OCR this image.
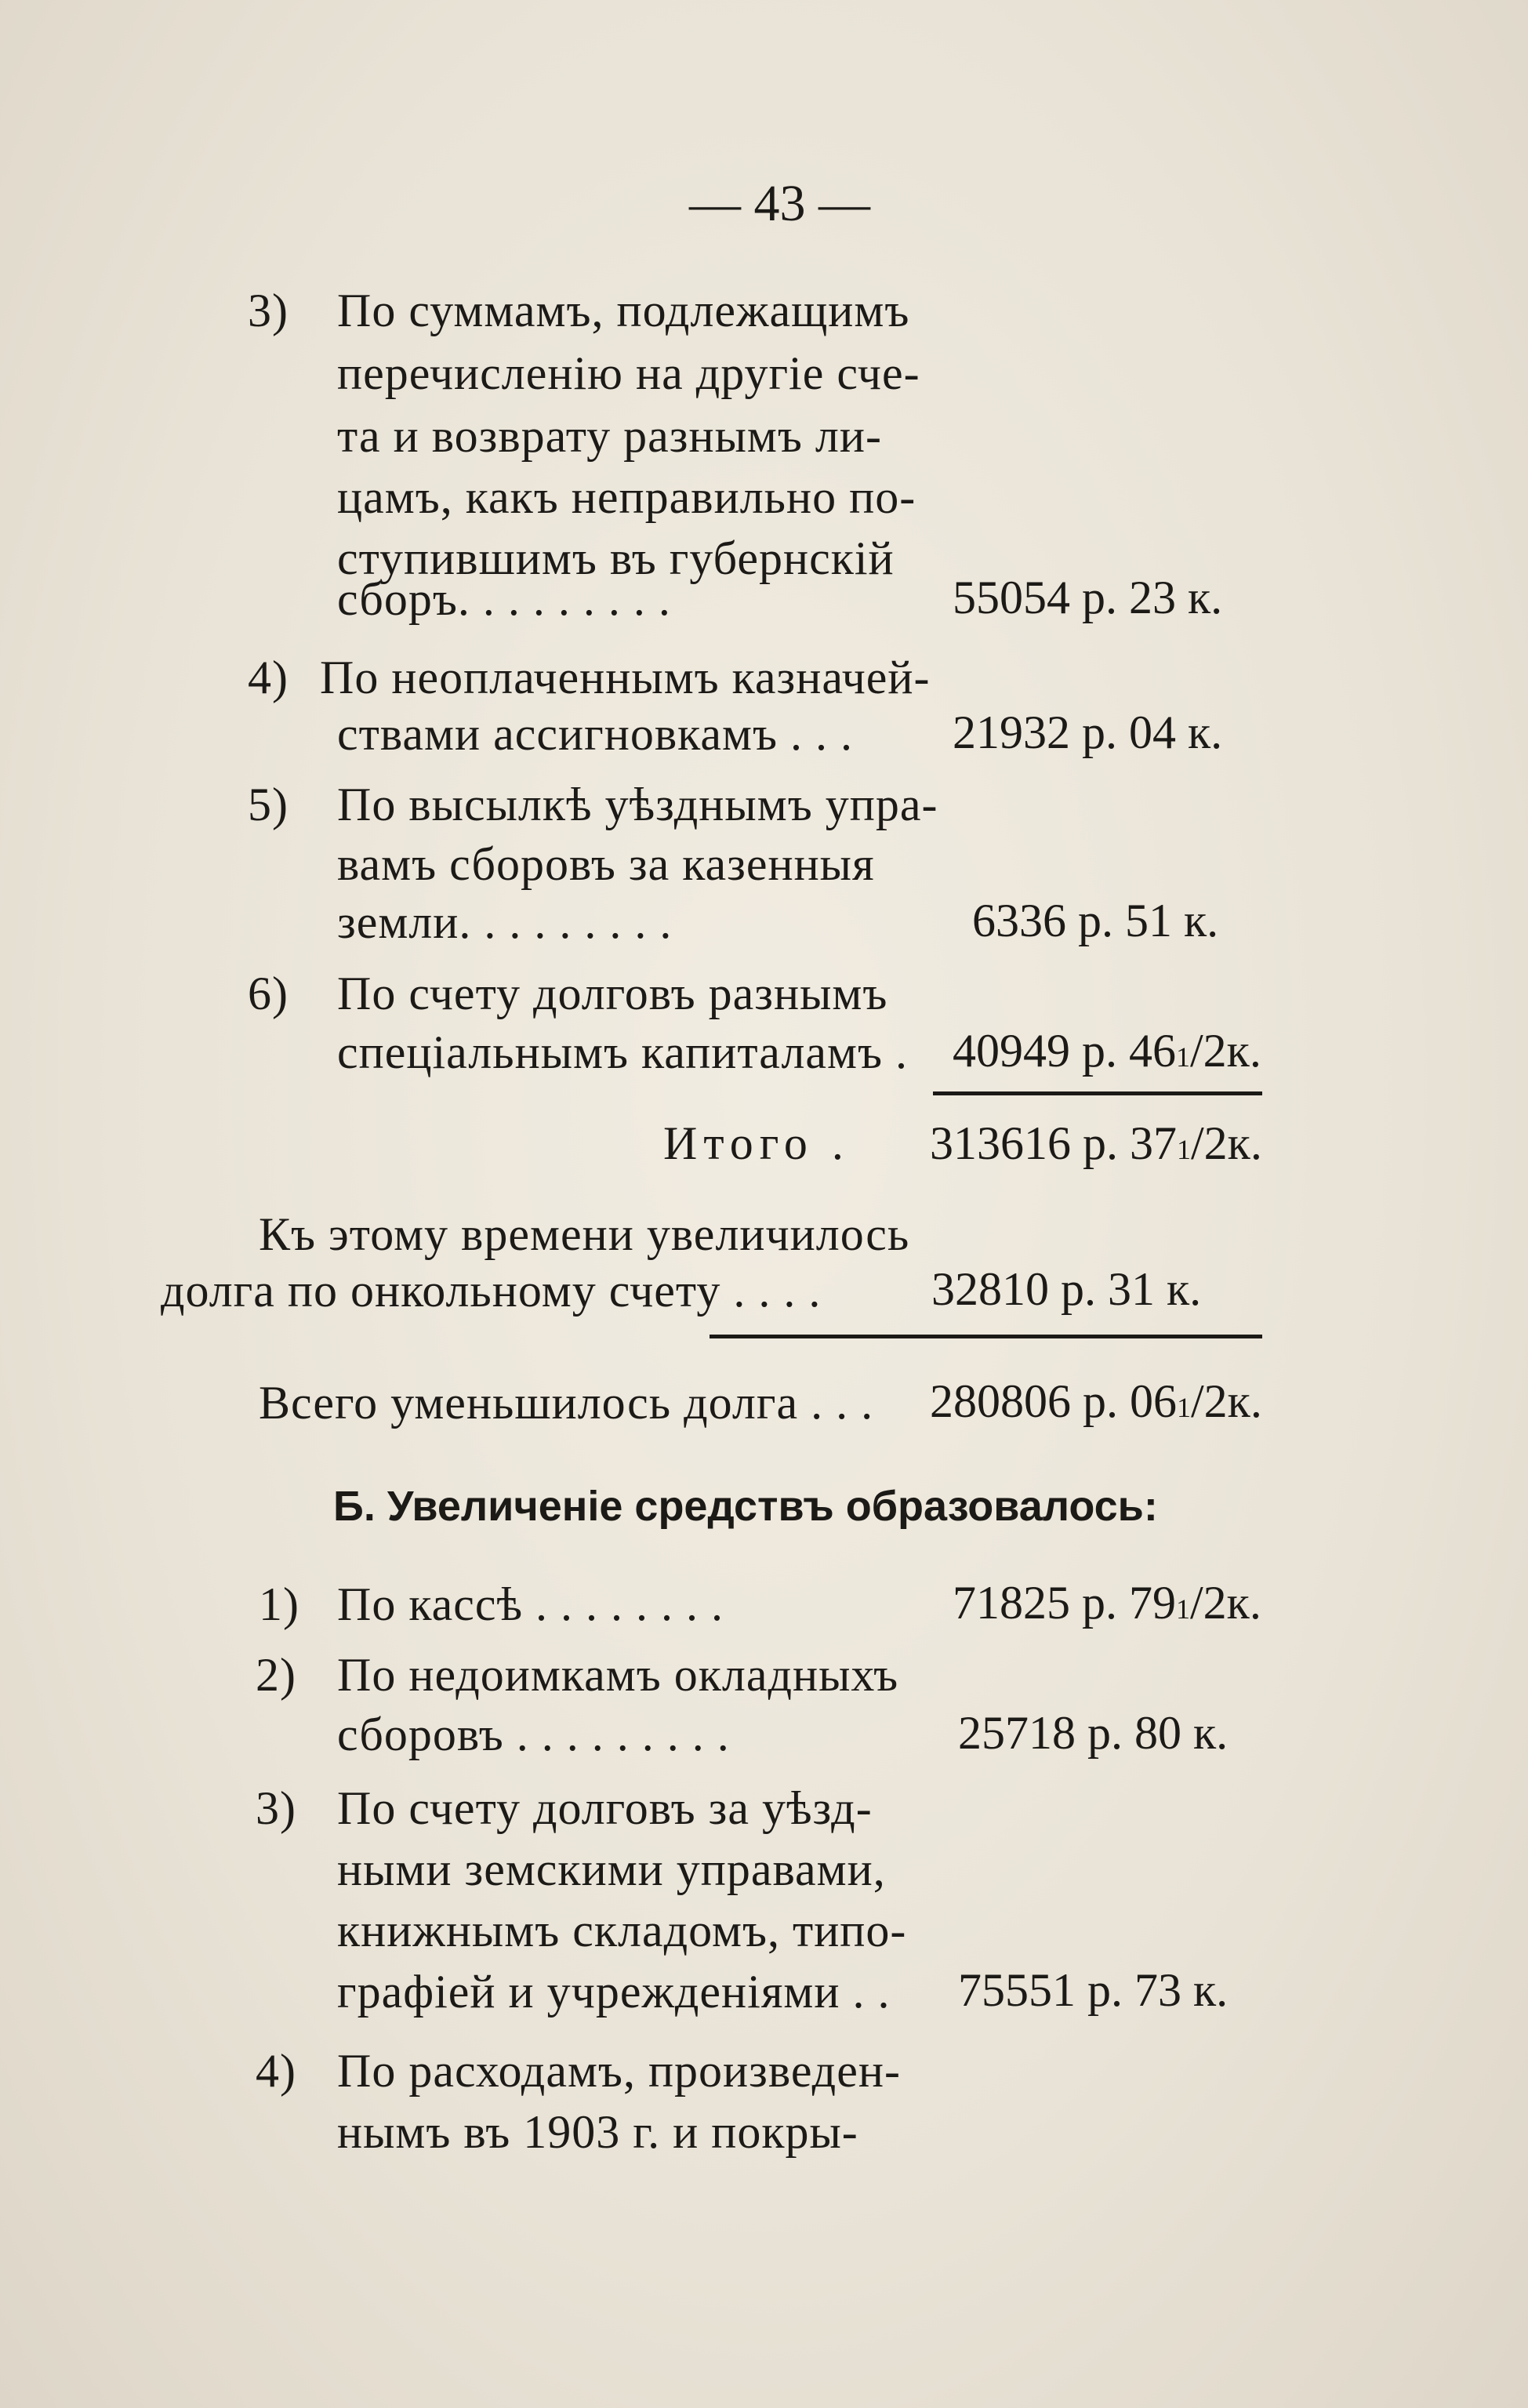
— 43 —
3) По суммамъ, подлежащимъ
перечисленію на другіе сче-
та и возврату разнымъ ли-
цамъ, какъ неправильно по-
ступившимъ въ губернскій
сборъ. . . . . . . . .	55054 р. 23 к.
4) По неоплаченнымъ казначей-
ствами ассигновкамъ . . . 21932 р. 04 к.
5) По высылкѣ уѣзднымъ упра-
вамъ сборовъ за казенныя
земли. . . . . . . . .	6336 р. 51 к.
6) По счету долговъ разнымъ
спеціальнымъ капиталамъ . 40949 р. $46^1/2к$.
Итого . 313616 р. $37^1/2к$.
Къ этому времени увеличилось
долга по онкольному счету . . . . 32810 р. 31 к.
Всего уменьшилось долга . . . 280806 р. $06^1/2к$.
Б. Увеличеніе средствъ образовалось:
1) По кассѣ . . . . . . . .	71825 р. $79^1/2к$.
2) По недоимкамъ окладныхъ
сборовъ . . . . . . . . .	25718 р. 80 к.
3) По счету долговъ за уѣзд-
ными земскими управами,
книжнымъ складомъ, типо-
графіей и учрежденіями . . 75551 р. 73 к.
4) По расходамъ, произведен-
нымъ въ 1903 г. и покры-
